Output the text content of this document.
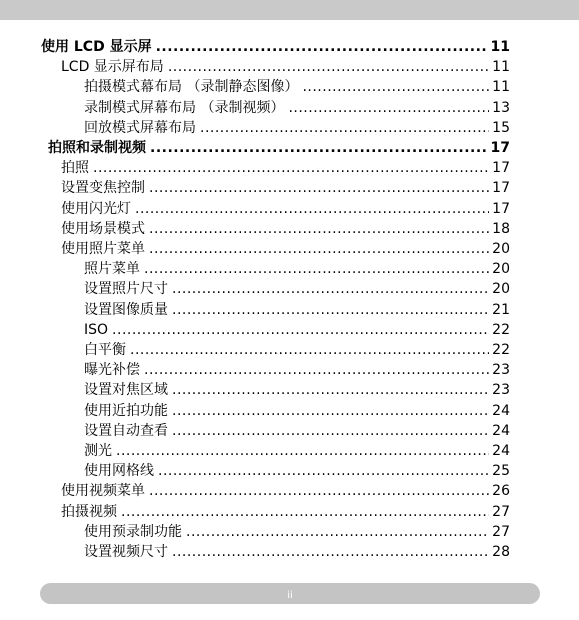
使用 LCD 显示屏 .....	11
LCD 显示屏布局 .....	11
拍摄模式幕布局 （录制静态图像） .....	11
录制模式屏幕布局 （录制视频） .....	13
回放模式屏幕布局 .....	15
拍照和录制视频 .....	17
拍照 .....	17
设置变焦控制 .....	17
使用闪光灯 .....	17
使用场景模式 .....	18
使用照片菜单 .....	20
照片菜单 .....	20
设置照片尺寸 .....	20
设置图像质量 .....	21
ISO .....	22
白平衡 .....	22
曝光补偿 .....	23
设置对焦区域 .....	23
使用近拍功能 .....	24
设置自动查看 .....	24
测光 .....	24
使用网格线 .....	25
使用视频菜单 .....	26
拍摄视频 .....	27
使用预录制功能 .....	27
设置视频尺寸 .....	28
ii
